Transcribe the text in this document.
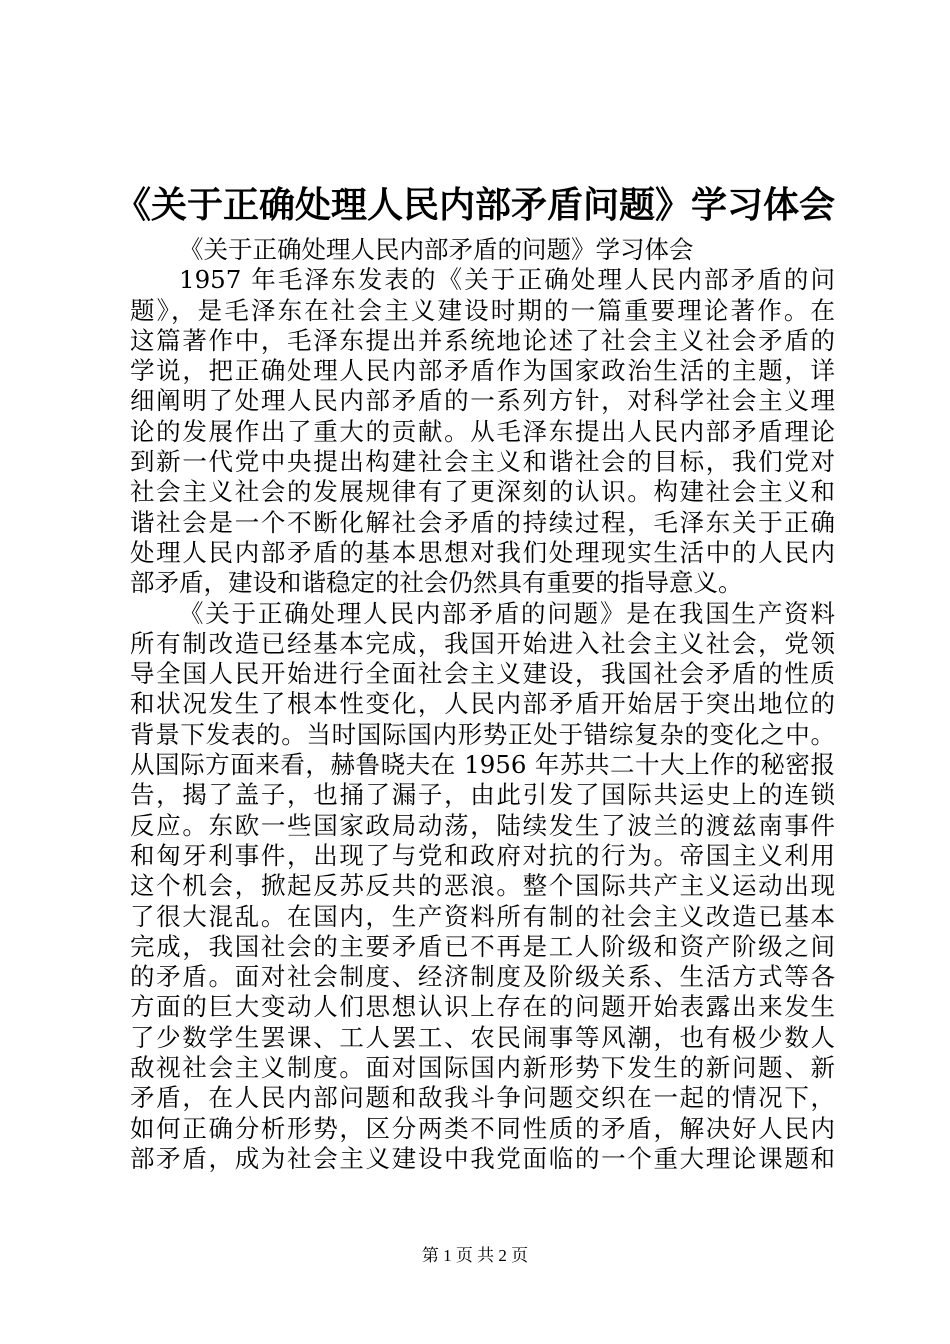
《关于正确处理人民内部矛盾问题》学习体会
《关于正确处理人民内部矛盾的问题》学习体会
1957 年毛泽东发表的《关于正确处理人民内部矛盾的问
题》，是毛泽东在社会主义建设时期的一篇重要理论著作。在
这篇著作中，毛泽东提出并系统地论述了社会主义社会矛盾的
学说，把正确处理人民内部矛盾作为国家政治生活的主题，详
细阐明了处理人民内部矛盾的一系列方针，对科学社会主义理
论的发展作出了重大的贡献。从毛泽东提出人民内部矛盾理论
到新一代党中央提出构建社会主义和谐社会的目标，我们党对
社会主义社会的发展规律有了更深刻的认识。构建社会主义和
谐社会是一个不断化解社会矛盾的持续过程，毛泽东关于正确
处理人民内部矛盾的基本思想对我们处理现实生活中的人民内
部矛盾，建设和谐稳定的社会仍然具有重要的指导意义。
《关于正确处理人民内部矛盾的问题》是在我国生产资料
所有制改造已经基本完成，我国开始进入社会主义社会，党领
导全国人民开始进行全面社会主义建设，我国社会矛盾的性质
和状况发生了根本性变化，人民内部矛盾开始居于突出地位的
背景下发表的。当时国际国内形势正处于错综复杂的变化之中。
从国际方面来看，赫鲁晓夫在 1956 年苏共二十大上作的秘密报
告，揭了盖子，也捅了漏子，由此引发了国际共运史上的连锁
反应。东欧一些国家政局动荡，陆续发生了波兰的渡兹南事件
和匈牙利事件，出现了与党和政府对抗的行为。帝国主义利用
这个机会，掀起反苏反共的恶浪。整个国际共产主义运动出现
了很大混乱。在国内，生产资料所有制的社会主义改造已基本
完成，我国社会的主要矛盾已不再是工人阶级和资产阶级之间
的矛盾。面对社会制度、经济制度及阶级关系、生活方式等各
方面的巨大变动人们思想认识上存在的问题开始表露出来发生
了少数学生罢课、工人罢工、农民闹事等风潮，也有极少数人
敌视社会主义制度。面对国际国内新形势下发生的新问题、新
矛盾，在人民内部问题和敌我斗争问题交织在一起的情况下，
如何正确分析形势，区分两类不同性质的矛盾，解决好人民内
部矛盾，成为社会主义建设中我党面临的一个重大理论课题和
第 1 页 共 2 页
